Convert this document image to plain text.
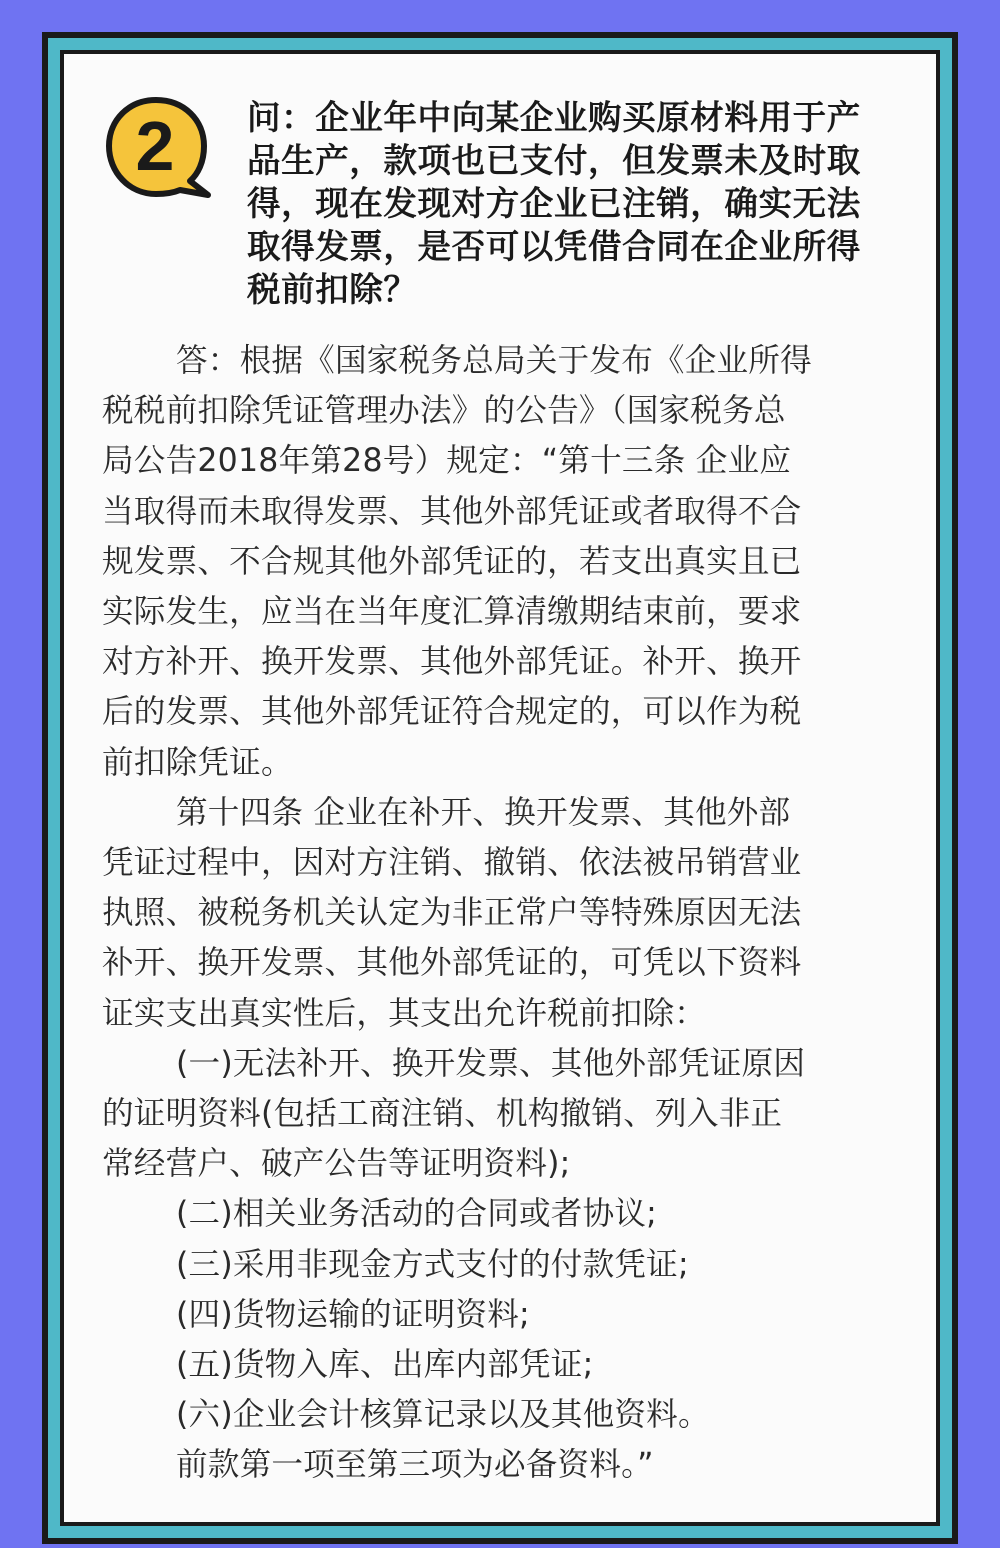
2 问：企业年中向某企业购买原材料用于产

品生产，款项也已支付，但发票未及时取

得，现在发现对方企业已注销，确实无法

取得发票，是否可以凭借合同在企业所得

税前扣除？

答：根据《国家税务总局关于发布《企业所得

税税前扣除凭证管理办法》的公告》（国家税务总

局公告2018年第28号）规定：“第十三条 企业应

当取得而未取得发票、其他外部凭证或者取得不合

规发票、不合规其他外部凭证的，若支出真实且已

实际发生，应当在当年度汇算清缴期结束前，要求

对方补开、换开发票、其他外部凭证。补开、换开

后的发票、其他外部凭证符合规定的，可以作为税

前扣除凭证。

第十四条 企业在补开、换开发票、其他外部

凭证过程中，因对方注销、撤销、依法被吊销营业

执照、被税务机关认定为非正常户等特殊原因无法

补开、换开发票、其他外部凭证的，可凭以下资料

证实支出真实性后，其支出允许税前扣除：

(一)无法补开、换开发票、其他外部凭证原因

的证明资料(包括工商注销、机构撤销、列入非正

常经营户、破产公告等证明资料);

(二)相关业务活动的合同或者协议;

(三)采用非现金方式支付的付款凭证;

(四)货物运输的证明资料;

(五)货物入库、出库内部凭证;

(六)企业会计核算记录以及其他资料。

前款第一项至第三项为必备资料。”
